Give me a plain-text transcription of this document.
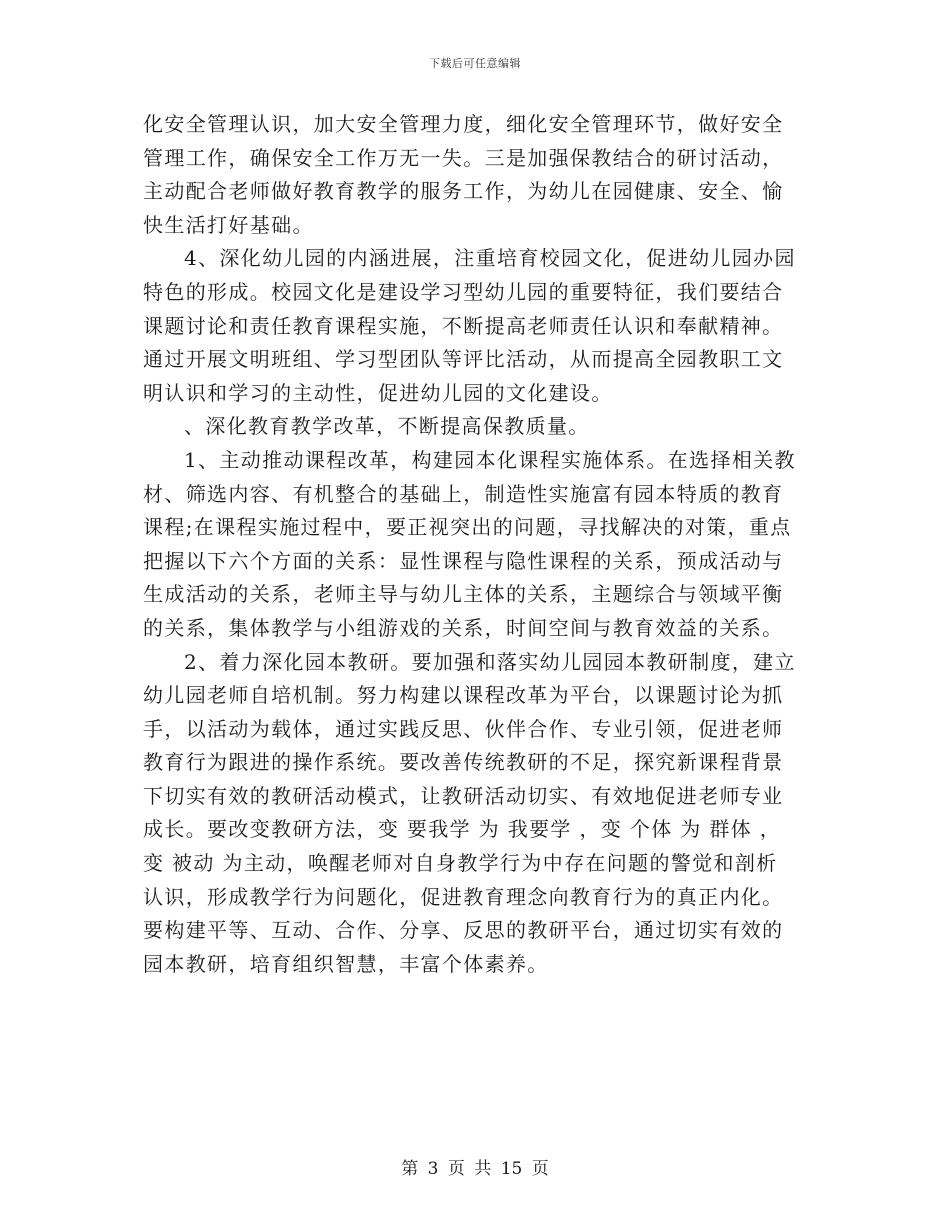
下载后可任意编辑
化安全管理认识，加大安全管理力度，细化安全管理环节，做好安全
管理工作，确保安全工作万无一失。三是加强保教结合的研讨活动，
主动配合老师做好教育教学的服务工作，为幼儿在园健康、安全、愉
快生活打好基础。
4、深化幼儿园的内涵进展，注重培育校园文化，促进幼儿园办园
特色的形成。校园文化是建设学习型幼儿园的重要特征，我们要结合
课题讨论和责任教育课程实施，不断提高老师责任认识和奉献精神。
通过开展文明班组、学习型团队等评比活动，从而提高全园教职工文
明认识和学习的主动性，促进幼儿园的文化建设。
、深化教育教学改革，不断提高保教质量。
1、主动推动课程改革，构建园本化课程实施体系。在选择相关教
材、筛选内容、有机整合的基础上，制造性实施富有园本特质的教育
课程;在课程实施过程中，要正视突出的问题，寻找解决的对策，重点
把握以下六个方面的关系：显性课程与隐性课程的关系，预成活动与
生成活动的关系，老师主导与幼儿主体的关系，主题综合与领域平衡
的关系，集体教学与小组游戏的关系，时间空间与教育效益的关系。
2、着力深化园本教研。要加强和落实幼儿园园本教研制度，建立
幼儿园老师自培机制。努力构建以课程改革为平台，以课题讨论为抓
手，以活动为载体，通过实践反思、伙伴合作、专业引领，促进老师
教育行为跟进的操作系统。要改善传统教研的不足，探究新课程背景
下切实有效的教研活动模式，让教研活动切实、有效地促进老师专业
成长。要改变教研方法，变 要我学 为 我要学 ，变 个体 为 群体 ，
变 被动 为主动，唤醒老师对自身教学行为中存在问题的警觉和剖析
认识，形成教学行为问题化，促进教育理念向教育行为的真正内化。
要构建平等、互动、合作、分享、反思的教研平台，通过切实有效的
园本教研，培育组织智慧，丰富个体素养。
第 3 页 共 15 页
